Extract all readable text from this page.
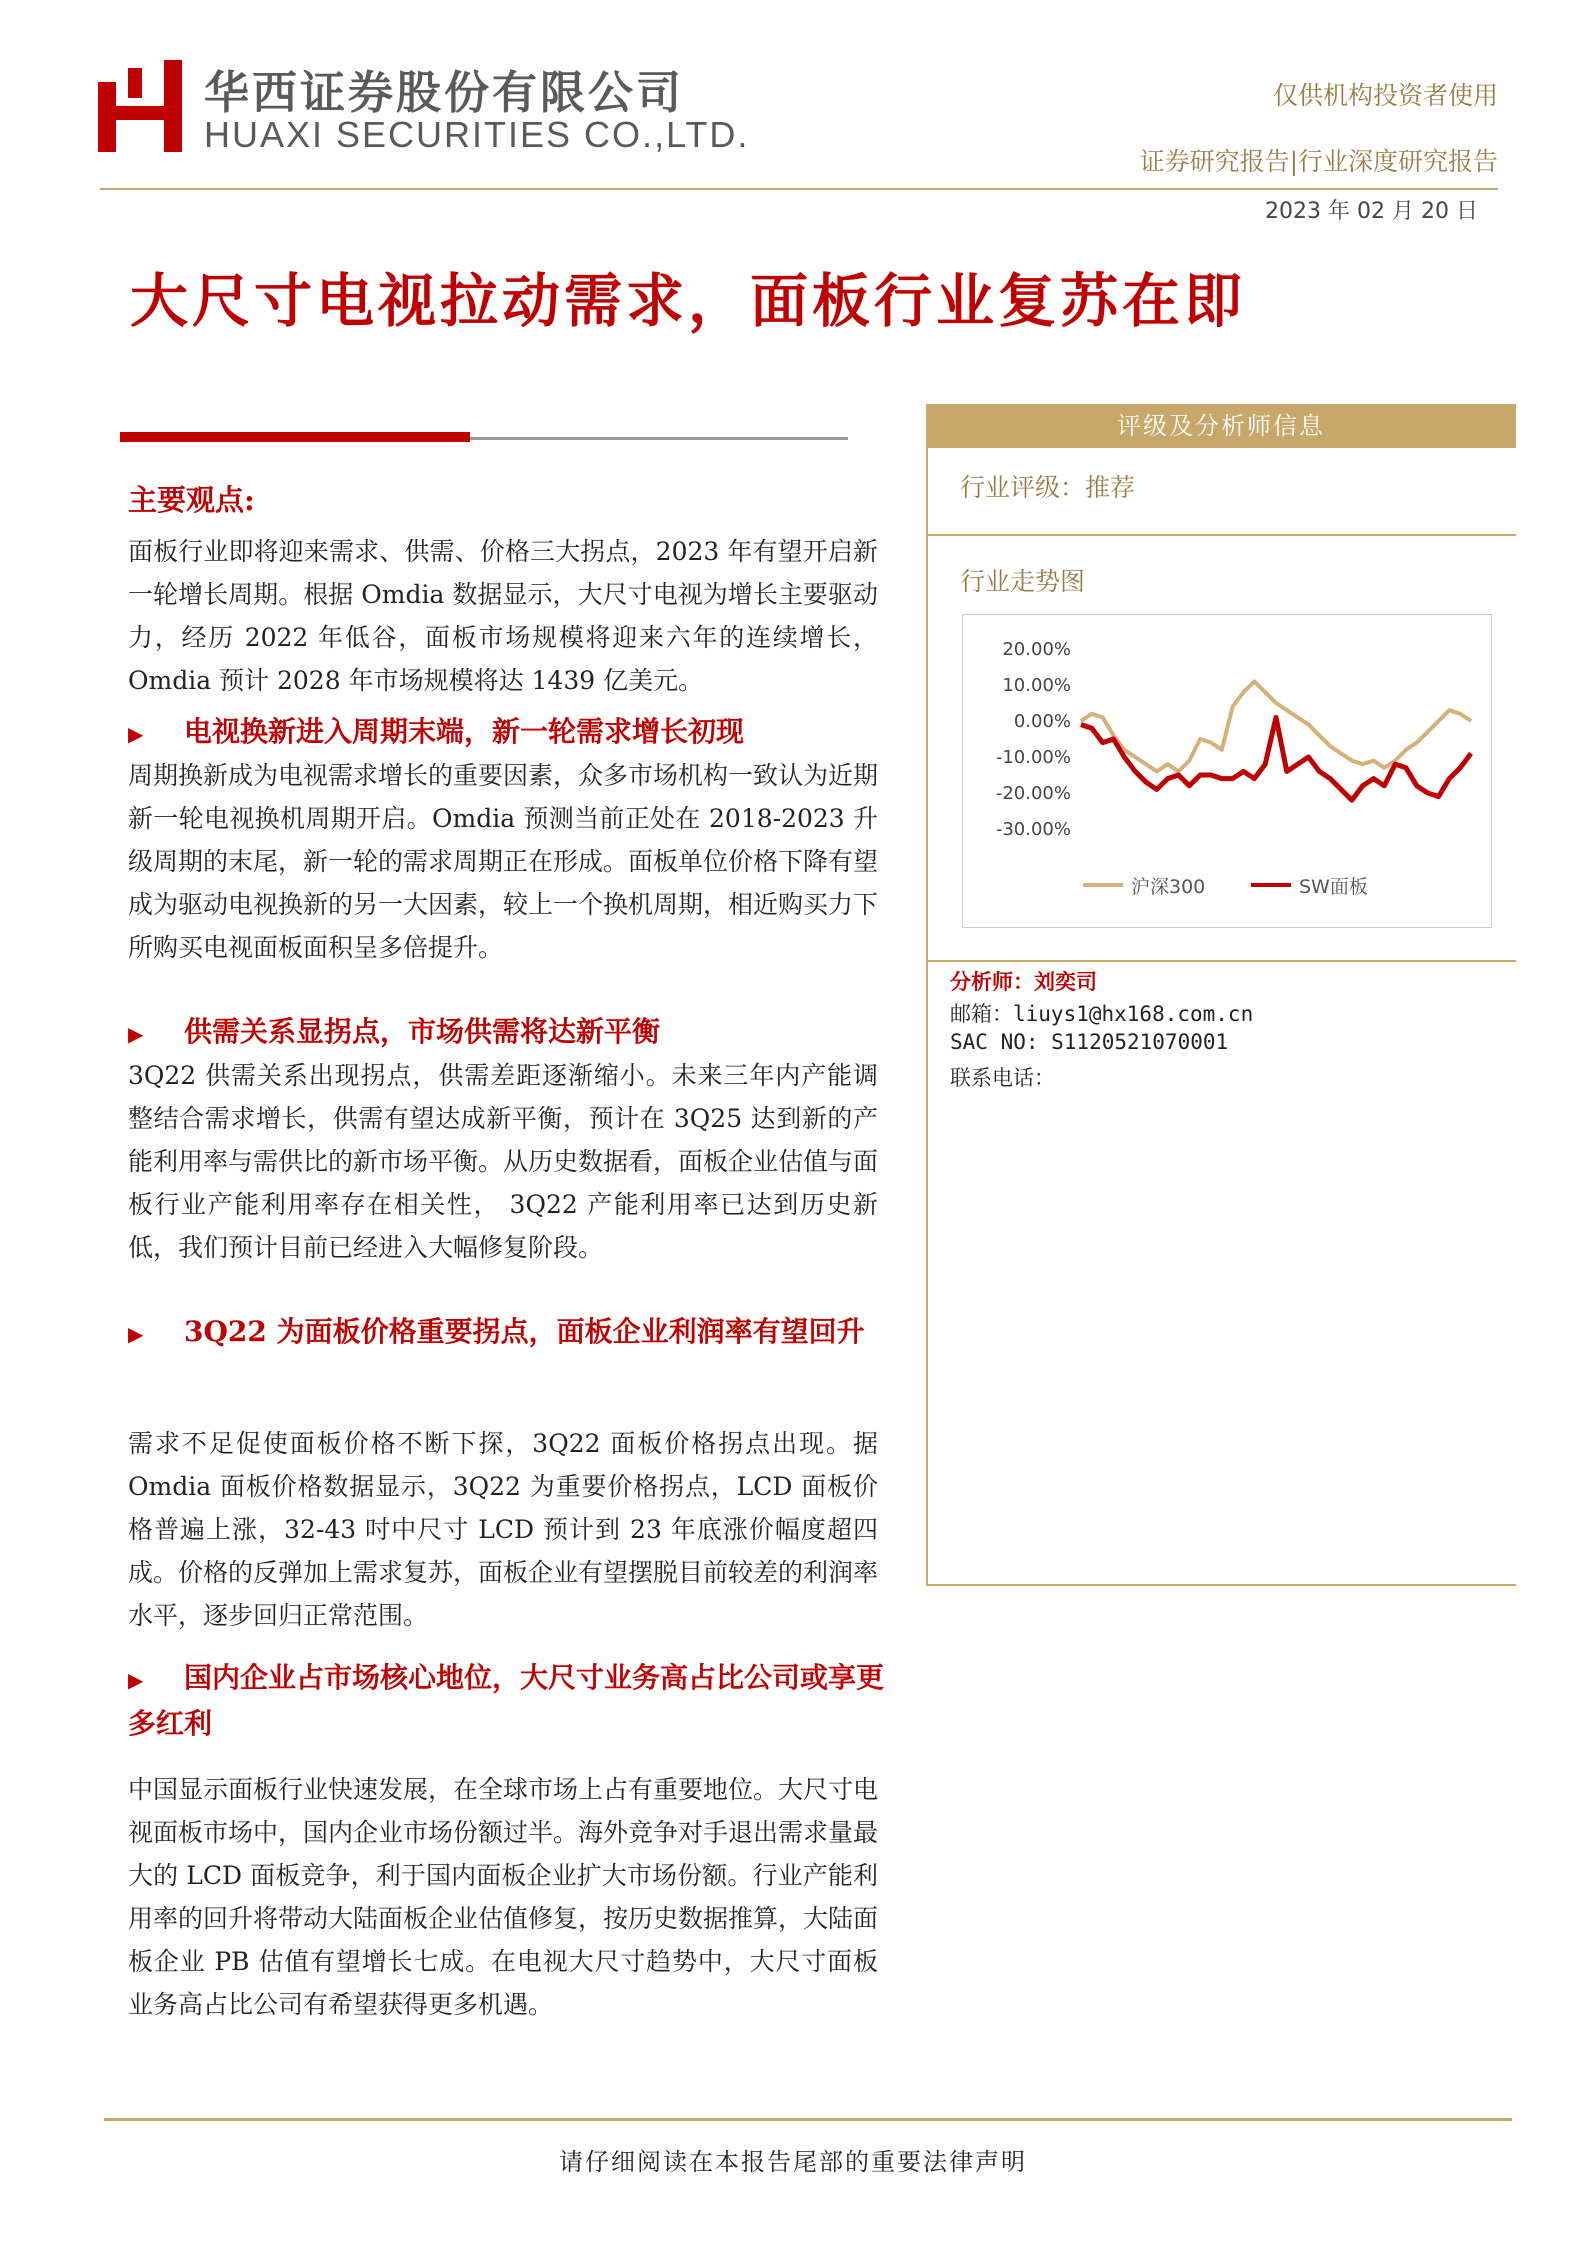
华西证券股份有限公司
HUAXI SECURITIES CO.,LTD.
仅供机构投资者使用
证券研究报告|行业深度研究报告
2023 年 02 月 20 日
大尺寸电视拉动需求，面板行业复苏在即
主要观点:
面板行业即将迎来需求、供需、价格三大拐点，2023 年有望开启新一轮增长周期。根据 Omdia 数据显示，大尺寸电视为增长主要驱动力，经历 2022 年低谷，面板市场规模将迎来六年的连续增长，Omdia 预计 2028 年市场规模将达 1439 亿美元。
▶ 电视换新进入周期末端，新一轮需求增长初现
周期换新成为电视需求增长的重要因素，众多市场机构一致认为近期新一轮电视换机周期开启。Omdia 预测当前正处在 2018-2023 升级周期的末尾，新一轮的需求周期正在形成。面板单位价格下降有望成为驱动电视换新的另一大因素，较上一个换机周期，相近购买力下所购买电视面板面积呈多倍提升。
▶ 供需关系显拐点，市场供需将达新平衡
3Q22 供需关系出现拐点，供需差距逐渐缩小。未来三年内产能调整结合需求增长，供需有望达成新平衡，预计在 3Q25 达到新的产能利用率与需供比的新市场平衡。从历史数据看，面板企业估值与面板行业产能利用率存在相关性， 3Q22 产能利用率已达到历史新低，我们预计目前已经进入大幅修复阶段。
▶ 3Q22 为面板价格重要拐点，面板企业利润率有望回升
需求不足促使面板价格不断下探，3Q22 面板价格拐点出现。据 Omdia 面板价格数据显示，3Q22 为重要价格拐点，LCD 面板价格普遍上涨，32-43 吋中尺寸 LCD 预计到 23 年底涨价幅度超四成。价格的反弹加上需求复苏，面板企业有望摆脱目前较差的利润率水平，逐步回归正常范围。
▶ 国内企业占市场核心地位，大尺寸业务高占比公司或享更多红利
中国显示面板行业快速发展，在全球市场上占有重要地位。大尺寸电视面板市场中，国内企业市场份额过半。海外竞争对手退出需求量最大的 LCD 面板竞争，利于国内面板企业扩大市场份额。行业产能利用率的回升将带动大陆面板企业估值修复，按历史数据推算，大陆面板企业 PB 估值有望增长七成。在电视大尺寸趋势中，大尺寸面板业务高占比公司有希望获得更多机遇。
评级及分析师信息
行业评级：推荐
行业走势图
20.00%
10.00%
0.00%
-10.00%
-20.00%
-30.00%
沪深300	SW面板
分析师：刘奕司
邮箱：liuys1@hx168.com.cn
SAC NO: S1120521070001
联系电话：
请仔细阅读在本报告尾部的重要法律声明
